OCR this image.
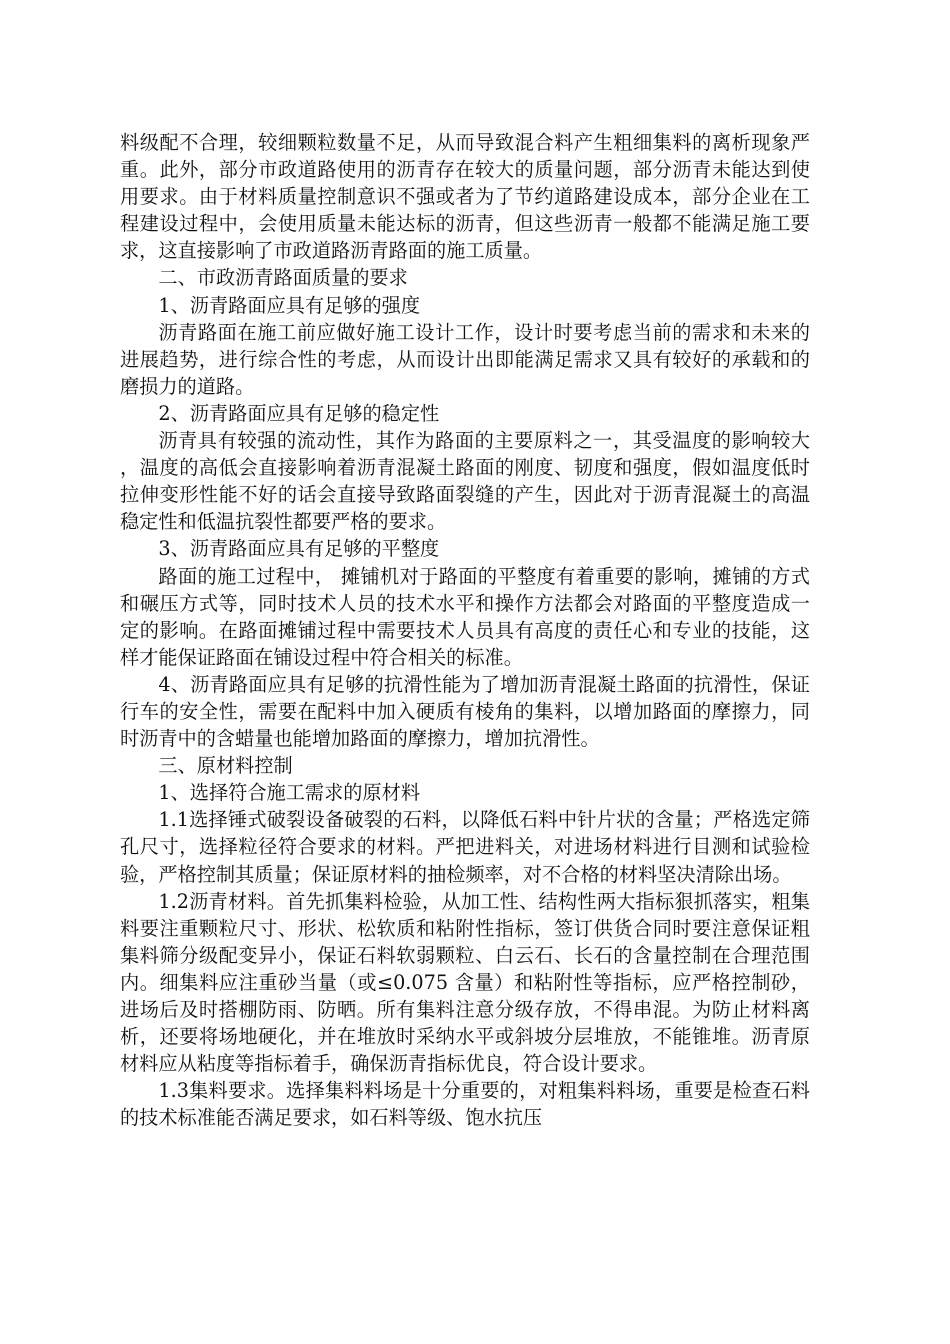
料级配不合理，较细颗粒数量不足，从而导致混合料产生粗细集料的离析现象严重。此外，部分市政道路使用的沥青存在较大的质量问题，部分沥青未能达到使用要求。由于材料质量控制意识不强或者为了节约道路建设成本，部分企业在工程建设过程中，会使用质量未能达标的沥青，但这些沥青一般都不能满足施工要求，这直接影响了市政道路沥青路面的施工质量。

二、市政沥青路面质量的要求

1、沥青路面应具有足够的强度

沥青路面在施工前应做好施工设计工作，设计时要考虑当前的需求和未来的进展趋势，进行综合性的考虑，从而设计出即能满足需求又具有较好的承载和的磨损力的道路。

2、沥青路面应具有足够的稳定性

沥青具有较强的流动性，其作为路面的主要原料之一，其受温度的影响较大，温度的高低会直接影响着沥青混凝土路面的刚度、韧度和强度，假如温度低时拉伸变形性能不好的话会直接导致路面裂缝的产生，因此对于沥青混凝土的高温稳定性和低温抗裂性都要严格的要求。

3、沥青路面应具有足够的平整度

路面的施工过程中， 摊铺机对于路面的平整度有着重要的影响，摊铺的方式和碾压方式等，同时技术人员的技术水平和操作方法都会对路面的平整度造成一定的影响。在路面摊铺过程中需要技术人员具有高度的责任心和专业的技能，这样才能保证路面在铺设过程中符合相关的标准。

4、沥青路面应具有足够的抗滑性能为了增加沥青混凝土路面的抗滑性，保证行车的安全性，需要在配料中加入硬质有棱角的集料，以增加路面的摩擦力，同时沥青中的含蜡量也能增加路面的摩擦力，增加抗滑性。

三、原材料控制

1、选择符合施工需求的原材料

1.1选择锤式破裂设备破裂的石料，以降低石料中针片状的含量；严格选定筛孔尺寸，选择粒径符合要求的材料。严把进料关，对进场材料进行目测和试验检验，严格控制其质量；保证原材料的抽检频率，对不合格的材料坚决清除出场。

1.2沥青材料。首先抓集料检验，从加工性、结构性两大指标狠抓落实，粗集料要注重颗粒尺寸、形状、松软质和粘附性指标，签订供货合同时要注意保证粗集料筛分级配变异小，保证石料软弱颗粒、白云石、长石的含量控制在合理范围内。细集料应注重砂当量（或≤0.075 含量）和粘附性等指标，应严格控制砂，进场后及时搭棚防雨、防晒。所有集料注意分级存放，不得串混。为防止材料离析，还要将场地硬化，并在堆放时采纳水平或斜坡分层堆放，不能锥堆。沥青原材料应从粘度等指标着手，确保沥青指标优良，符合设计要求。

1.3集料要求。选择集料料场是十分重要的，对粗集料料场，重要是检查石料的技术标准能否满足要求，如石料等级、饱水抗压
